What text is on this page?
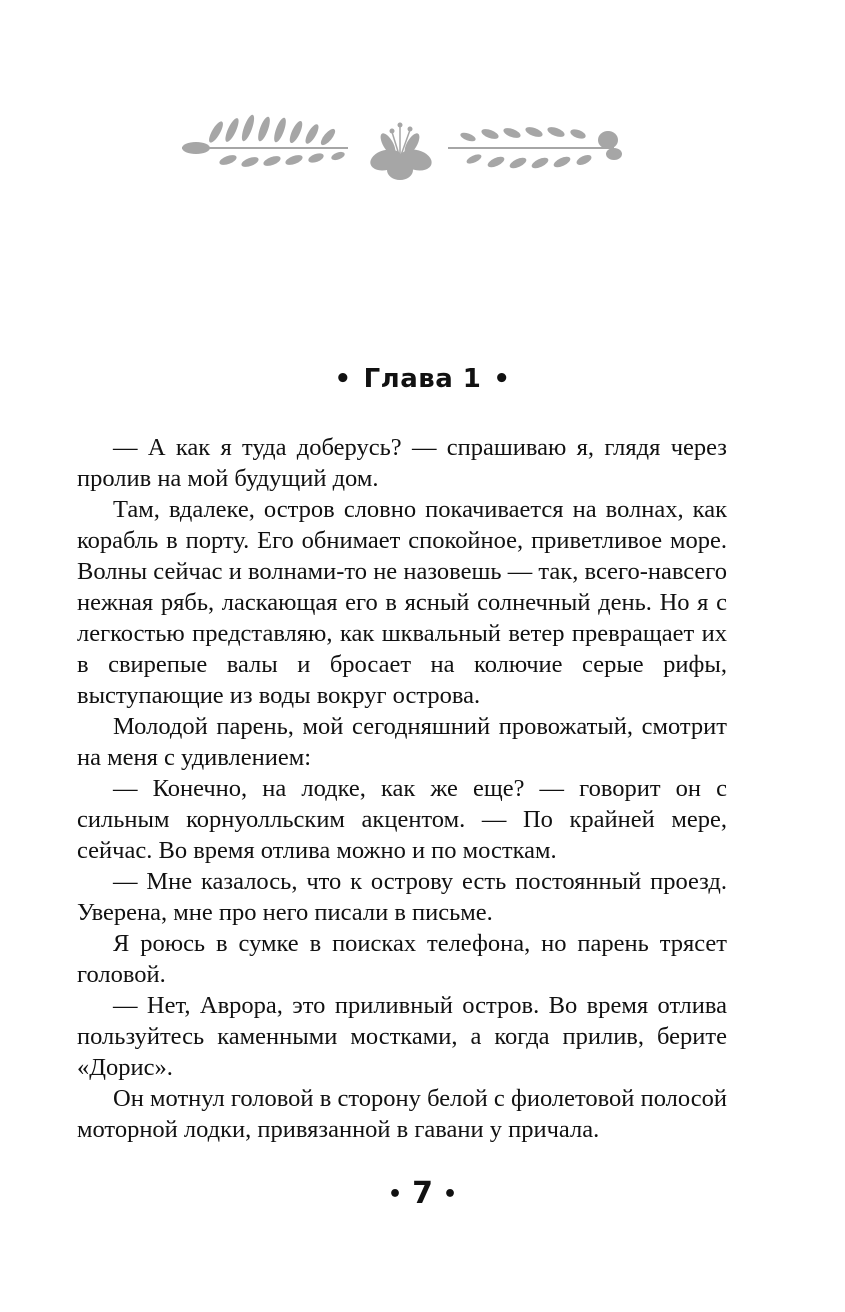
• Глава 1 •

— А как я туда доберусь? — спрашиваю я, глядя через пролив на мой будущий дом.

Там, вдалеке, остров словно покачивается на волнах, как корабль в порту. Его обнимает спокойное, приветливое море. Волны сейчас и волнами-то не назовешь — так, всего-навсего нежная рябь, ласкающая его в ясный солнечный день. Но я с легкостью представляю, как шквальный ветер превращает их в свирепые валы и бросает на колючие серые рифы, выступающие из воды вокруг острова.

Молодой парень, мой сегодняшний провожатый, смотрит на меня с удивлением:

— Конечно, на лодке, как же еще? — говорит он с сильным корнуолльским акцентом. — По крайней мере, сейчас. Во время отлива можно и по мосткам.

— Мне казалось, что к острову есть постоянный проезд. Уверена, мне про него писали в письме.

Я роюсь в сумке в поисках телефона, но парень трясет головой.

— Нет, Аврора, это приливный остров. Во время отлива пользуйтесь каменными мостками, а когда прилив, берите «Дорис».

Он мотнул головой в сторону белой с фиолетовой полосой моторной лодки, привязанной в гавани у причала.

• 7 •
